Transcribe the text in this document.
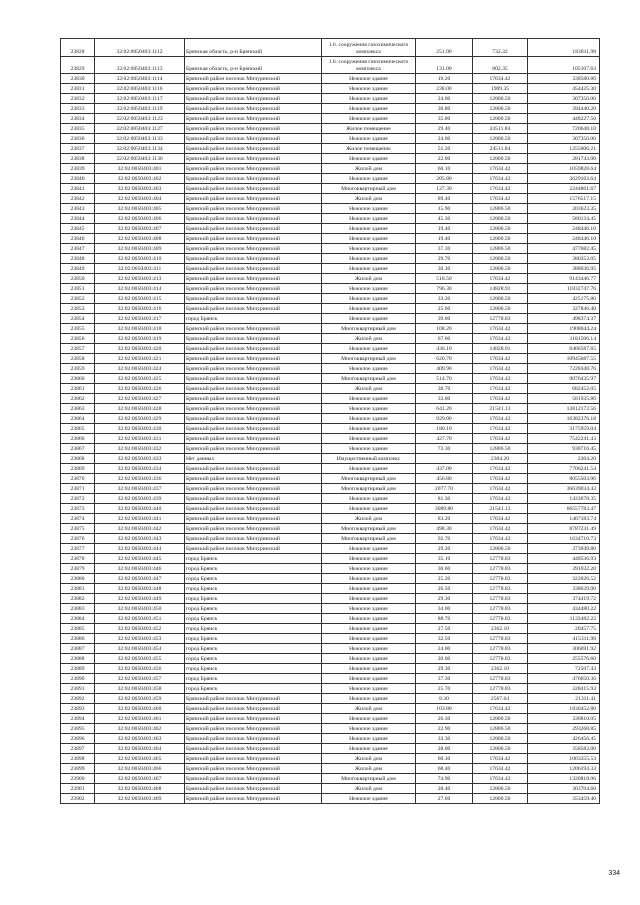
23828	32:02:0050403:1112	Брянская область, р-н Брянский	1.6. сооружения газохимического комплекса	251.00	732.32	183811.98
23829	32:02:0050403:1113	Брянская область, р-н Брянский	1.6. сооружения газохимического комплекса	131.00	802.35	105107.63
23830	32:02:0050403:1114	Брянский район поселок Мичуринский	Нежилое здание	19.20	17634.42	338580.86
23831	32:02:0050403:1116	Брянский район поселок Мичуринский	Нежилое здание	238.00	1909.35	454425.30
23832	32:02:0050403:1117	Брянский район поселок Мичуринский	Нежилое здание	24.00	12806.50	307356.00
23833	32:02:0050403:1119	Брянский район поселок Мичуринский	Нежилое здание	30.80	12806.50	394440.20
23834	32:02:0050403:1123	Брянский район поселок Мичуринский	Нежилое здание	35.00	12806.50	448227.50
23835	32:02:0050403:1127	Брянский район поселок Мичуринский	Жилое помещение	29.40	24511.84	720648.10
23836	32:02:0050403:1133	Брянский район поселок Мичуринский	Нежилое здание	24.00	12806.50	307356.00
23837	32:02:0050403:1134	Брянский район поселок Мичуринский	Жилое помещение	51.20	24511.84	1255006.21
23838	32:02:0050403:1136	Брянский район поселок Мичуринский	Нежилое здание	22.00	12806.50	281743.00
23839	32:02:0050403:401	Брянский район поселок Мичуринский	Жилой дом	60.10	17634.42	1059828.64
23840	32:02:0050403:402	Брянский район поселок Мичуринский	Нежилое здание	205.80	17634.42	3629163.64
23841	32:02:0050403:403	Брянский район поселок Мичуринский	Многоквартирный дом	127.30	17634.42	2244861.67
23842	32:02:0050403:404	Брянский район поселок Мичуринский	Жилой дом	89.40	17634.42	1576517.15
23843	32:02:0050403:405	Брянский район поселок Мичуринский	Нежилое здание	15.90	12806.50	203623.35
23844	32:02:0050403:406	Брянский район поселок Мичуринский	Нежилое здание	45.30	12806.50	580134.45
23845	32:02:0050403:407	Брянский район поселок Мичуринский	Нежилое здание	19.40	12806.50	248446.10
23846	32:02:0050403:408	Брянский район поселок Мичуринский	Нежилое здание	19.40	12806.50	248446.10
23847	32:02:0050403:409	Брянский район поселок Мичуринский	Нежилое здание	37.30	12806.50	477682.45
23848	32:02:0050403:410	Брянский район поселок Мичуринский	Нежилое здание	29.70	12806.50	380353.05
23849	32:02:0050403:411	Брянский район поселок Мичуринский	Нежилое здание	30.30	12806.50	388036.95
23850	32:02:0050403:413	Брянский район поселок Мичуринский	Жилой дом	518.50	17634.42	9143446.77
23851	32:02:0050403:414	Брянский район поселок Мичуринский	Нежилое здание	796.30	14828.91	11832747.76
23852	32:02:0050403:415	Брянский район поселок Мичуринский	Нежилое здание	33.20	12806.50	425175.80
23853	32:02:0050403:416	Брянский район поселок Мичуринский	Нежилое здание	25.60	12806.50	327846.40
23854	32:02:0050403:417	город Брянск	Нежилое здание	39.00	12778.83	498374.37
23855	32:02:0050403:418	Брянский район поселок Мичуринский	Многоквартирный дом	108.20	17634.42	1908044.24
23856	32:02:0050403:419	Брянский район поселок Мичуринский	Жилой дом	67.00	17634.42	1181506.14
23857	32:02:0050403:420	Брянский район поселок Мичуринский	Нежилое здание	436.10	14828.91	6466587.65
23858	32:02:0050403:421	Брянский район поселок Мичуринский	Многоквартирный дом	620.70	17634.42	10945687.55
23859	32:02:0050403:424	Брянский район поселок Мичуринский	Нежилое здание	409.90	17634.42	7228348.76
23860	32:02:0050403:425	Брянский район поселок Мичуринский	Многоквартирный дом	514.70	17634.42	9076435.97
23861	32:02:0050403:426	Брянский район поселок Мичуринский	Жилой дом	38.70	17634.42	682452.05
23862	32:02:0050403:427	Брянский район поселок Мичуринский	Нежилое здание	33.00	17634.42	581935.86
23863	32:02:0050403:428	Брянский район поселок Мичуринский	Нежилое здание	641.20	21541.13	13812172.56
23864	32:02:0050403:429	Брянский район поселок Мичуринский	Нежилое здание	929.00	17634.42	16382376.18
23865	32:02:0050403:430	Брянский район поселок Мичуринский	Нежилое здание	180.10	17634.42	3175959.04
23866	32:02:0050403:431	Брянский район поселок Мичуринский	Нежилое здание	427.70	17634.42	7542241.43
23867	32:02:0050403:432	Брянский район поселок Мичуринский	Нежилое здание	73.30	12806.50	938716.45
23868	32:02:0050403:433	Нет данных	Имущественный комплекс		2304.20	2304.20
23869	32:02:0050403:434	Брянский район поселок Мичуринский	Нежилое здание	437.00	17634.42	7706241.54
23870	32:02:0050403:436	Брянский район поселок Мичуринский	Многоквартирный дом	456.80	17634.42	8055503.06
23871	32:02:0050403:437	Брянский район поселок Мичуринский	Многоквартирный дом	2077.70	17634.42	36639034.43
23872	32:02:0050403:439	Брянский район поселок Мичуринский	Нежилое здание	81.30	17634.42	1433678.35
23873	32:02:0050403:440	Брянский район поселок Мичуринский	Нежилое здание	3089.80	21541.13	66557783.47
23874	32:02:0050403:441	Брянский район поселок Мичуринский	Жилой дом	83.20	17634.42	1467183.74
23875	32:02:0050403:442	Брянский район поселок Мичуринский	Многоквартирный дом	498.30	17634.42	8787231.49
23876	32:02:0050403:443	Брянский район поселок Мичуринский	Многоквартирный дом	92.70	17634.42	1634710.73
23877	32:02:0050403:444	Брянский район поселок Мичуринский	Нежилое здание	29.20	12806.50	373949.80
23878	32:02:0050403:445	город Брянск	Нежилое здание	35.10	12778.83	448536.93
23879	32:02:0050403:446	город Брянск	Нежилое здание	30.60	12778.83	391032.20
23880	32:02:0050403:447	город Брянск	Нежилое здание	25.20	12778.83	322026.52
23881	32:02:0050403:448	город Брянск	Нежилое здание	26.50	12778.83	338639.00
23882	32:02:0050403:449	город Брянск	Нежилое здание	29.30	12778.83	374419.72
23883	32:02:0050403:450	город Брянск	Нежилое здание	34.00	12778.83	434480.22
23884	32:02:0050403:451	город Брянск	Нежилое здание	88.70	12778.83	1133482.22
23885	32:02:0050403:452	город Брянск	Нежилое здание	27.50	2362.10	20457.75
23886	32:02:0050403:453	город Брянск	Нежилое здание	32.50	12778.83	415311.98
23887	32:02:0050403:454	город Брянск	Нежилое здание	24.00	12778.83	306691.92
23888	32:02:0050403:455	город Брянск	Нежилое здание	20.00	12778.83	255576.60
23889	32:02:0050403:456	город Брянск	Нежилое здание	29.30	2362.10	72507.43
23890	32:02:0050403:457	город Брянск	Нежилое здание	37.30	12778.83	476650.36
23891	32:02:0050403:458	город Брянск	Нежилое здание	25.70	12778.83	328415.93
23892	32:02:0050403:459	Брянский район поселок Мичуринский	Нежилое здание	8.30	2567.64	21311.41
23893	32:02:0050403:460	Брянский район поселок Мичуринский	Жилой дом	103.80	17634.42	1830452.80
23894	32:02:0050403:461	Брянский район поселок Мичуринский	Нежилое здание	26.30	12806.50	336810.95
23895	32:02:0050403:462	Брянский район поселок Мичуринский	Нежилое здание	22.90	12806.50	293268.85
23896	32:02:0050403:463	Брянский район поселок Мичуринский	Нежилое здание	33.30	12806.50	426456.45
23897	32:02:0050403:464	Брянский район поселок Мичуринский	Нежилое здание	28.00	12806.50	358582.00
23898	32:02:0050403:465	Брянский район поселок Мичуринский	Жилой дом	60.30	17634.42	1063355.53
23899	32:02:0050403:466	Брянский район поселок Мичуринский	Жилой дом	68.40	17634.42	1206194.33
23900	32:02:0050403:467	Брянский район поселок Мичуринский	Многоквартирный дом	74.90	17634.42	1320818.06
23901	32:02:0050403:468	Брянский район поселок Мичуринский	Жилой дом	28.40	12806.50	363704.60
23902	32:02:0050403:469	Брянский район поселок Мичуринский	Нежилое здание	27.60	12806.50	353459.40
334
